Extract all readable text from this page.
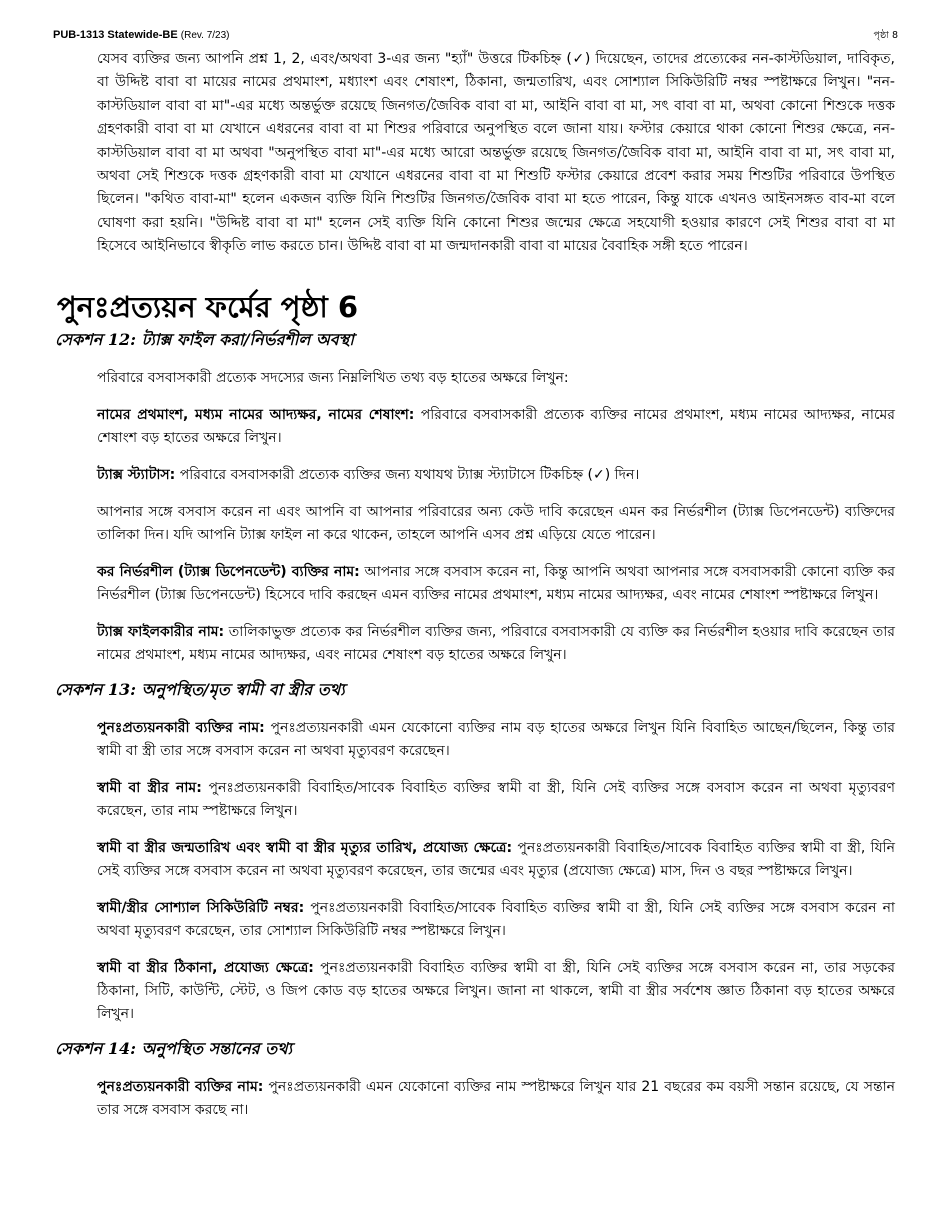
PUB-1313 Statewide-BE (Rev. 7/23)	পৃষ্ঠা 8

যেসব ব্যক্তির জন্য আপনি প্রশ্ন 1, 2, এবং/অথবা 3-এর জন্য "হ্যাঁ" উত্তরে টিকচিহ্ন (✓) দিয়েছেন, তাদের প্রত্যেকের নন-কাস্টডিয়াল, দাবিকৃত, বা উদ্দিষ্ট বাবা বা মায়ের নামের প্রথমাংশ, মধ্যাংশ এবং শেষাংশ, ঠিকানা, জন্মতারিখ, এবং সোশ্যাল সিকিউরিটি নম্বর স্পষ্টাক্ষরে লিখুন। "নন-কাস্টডিয়াল বাবা বা মা"-এর মধ্যে অন্তর্ভুক্ত রয়েছে জিনগত/জৈবিক বাবা বা মা, আইনি বাবা বা মা, সৎ বাবা বা মা, অথবা কোনো শিশুকে দত্তক গ্রহণকারী বাবা বা মা যেখানে এধরনের বাবা বা মা শিশুর পরিবারে অনুপস্থিত বলে জানা যায়। ফস্টার কেয়ারে থাকা কোনো শিশুর ক্ষেত্রে, নন-কাস্টডিয়াল বাবা বা মা অথবা "অনুপস্থিত বাবা মা"-এর মধ্যে আরো অন্তর্ভুক্ত রয়েছে জিনগত/জৈবিক বাবা মা, আইনি বাবা বা মা, সৎ বাবা মা, অথবা সেই শিশুকে দত্তক গ্রহণকারী বাবা মা যেখানে এধরনের বাবা বা মা শিশুটি ফস্টার কেয়ারে প্রবেশ করার সময় শিশুটির পরিবারে উপস্থিত ছিলেন। "কথিত বাবা-মা" হলেন একজন ব্যক্তি যিনি শিশুটির জিনগত/জৈবিক বাবা মা হতে পারেন, কিন্তু যাকে এখনও আইনসঙ্গত বাব-মা বলে ঘোষণা করা হয়নি। "উদ্দিষ্ট বাবা বা মা" হলেন সেই ব্যক্তি যিনি কোনো শিশুর জন্মের ক্ষেত্রে সহযোগী হওয়ার কারণে সেই শিশুর বাবা বা মা হিসেবে আইনিভাবে স্বীকৃতি লাভ করতে চান। উদ্দিষ্ট বাবা বা মা জন্মদানকারী বাবা বা মায়ের বৈবাহিক সঙ্গী হতে পারেন।

পুনঃপ্রত্যয়ন ফর্মের পৃষ্ঠা 6
সেকশন 12: ট্যাক্স ফাইল করা/নির্ভরশীল অবস্থা

পরিবারে বসবাসকারী প্রত্যেক সদস্যের জন্য নিম্নলিখিত তথ্য বড় হাতের অক্ষরে লিখুন:

নামের প্রথমাংশ, মধ্যম নামের আদ্যক্ষর, নামের শেষাংশ: পরিবারে বসবাসকারী প্রত্যেক ব্যক্তির নামের প্রথমাংশ, মধ্যম নামের আদ্যক্ষর, নামের শেষাংশ বড় হাতের অক্ষরে লিখুন।

ট্যাক্স স্ট্যাটাস: পরিবারে বসবাসকারী প্রত্যেক ব্যক্তির জন্য যথাযথ ট্যাক্স স্ট্যাটাসে টিকচিহ্ন (✓) দিন।

আপনার সঙ্গে বসবাস করেন না এবং আপনি বা আপনার পরিবারের অন্য কেউ দাবি করেছেন এমন কর নির্ভরশীল (ট্যাক্স ডিপেনডেন্ট) ব্যক্তিদের তালিকা দিন। যদি আপনি ট্যাক্স ফাইল না করে থাকেন, তাহলে আপনি এসব প্রশ্ন এড়িয়ে যেতে পারেন।

কর নির্ভরশীল (ট্যাক্স ডিপেনডেন্ট) ব্যক্তির নাম: আপনার সঙ্গে বসবাস করেন না, কিন্তু আপনি অথবা আপনার সঙ্গে বসবাসকারী কোনো ব্যক্তি কর নির্ভরশীল (ট্যাক্স ডিপেনডেন্ট) হিসেবে দাবি করছেন এমন ব্যক্তির নামের প্রথমাংশ, মধ্যম নামের আদ্যক্ষর, এবং নামের শেষাংশ স্পষ্টাক্ষরে লিখুন।

ট্যাক্স ফাইলকারীর নাম: তালিকাভুক্ত প্রত্যেক কর নির্ভরশীল ব্যক্তির জন্য, পরিবারে বসবাসকারী যে ব্যক্তি কর নির্ভরশীল হওয়ার দাবি করেছেন তার নামের প্রথমাংশ, মধ্যম নামের আদ্যক্ষর, এবং নামের শেষাংশ বড় হাতের অক্ষরে লিখুন।

সেকশন 13: অনুপস্থিত/মৃত স্বামী বা স্ত্রীর তথ্য

পুনঃপ্রত্যয়নকারী ব্যক্তির নাম: পুনঃপ্রত্যয়নকারী এমন যেকোনো ব্যক্তির নাম বড় হাতের অক্ষরে লিখুন যিনি বিবাহিত আছেন/ছিলেন, কিন্তু তার স্বামী বা স্ত্রী তার সঙ্গে বসবাস করেন না অথবা মৃত্যুবরণ করেছেন।

স্বামী বা স্ত্রীর নাম: পুনঃপ্রত্যয়নকারী বিবাহিত/সাবেক বিবাহিত ব্যক্তির স্বামী বা স্ত্রী, যিনি সেই ব্যক্তির সঙ্গে বসবাস করেন না অথবা মৃত্যুবরণ করেছেন, তার নাম স্পষ্টাক্ষরে লিখুন।

স্বামী বা স্ত্রীর জন্মতারিখ এবং স্বামী বা স্ত্রীর মৃত্যুর তারিখ, প্রযোজ্য ক্ষেত্রে: পুনঃপ্রত্যয়নকারী বিবাহিত/সাবেক বিবাহিত ব্যক্তির স্বামী বা স্ত্রী, যিনি সেই ব্যক্তির সঙ্গে বসবাস করেন না অথবা মৃত্যুবরণ করেছেন, তার জন্মের এবং মৃত্যুর (প্রযোজ্য ক্ষেত্রে) মাস, দিন ও বছর স্পষ্টাক্ষরে লিখুন।

স্বামী/স্ত্রীর সোশ্যাল সিকিউরিটি নম্বর: পুনঃপ্রত্যয়নকারী বিবাহিত/সাবেক বিবাহিত ব্যক্তির স্বামী বা স্ত্রী, যিনি সেই ব্যক্তির সঙ্গে বসবাস করেন না অথবা মৃত্যুবরণ করেছেন, তার সোশ্যাল সিকিউরিটি নম্বর স্পষ্টাক্ষরে লিখুন।

স্বামী বা স্ত্রীর ঠিকানা, প্রযোজ্য ক্ষেত্রে: পুনঃপ্রত্যয়নকারী বিবাহিত ব্যক্তির স্বামী বা স্ত্রী, যিনি সেই ব্যক্তির সঙ্গে বসবাস করেন না, তার সড়কের ঠিকানা, সিটি, কাউন্টি, স্টেট, ও জিপ কোড বড় হাতের অক্ষরে লিখুন। জানা না থাকলে, স্বামী বা স্ত্রীর সর্বশেষ জ্ঞাত ঠিকানা বড় হাতের অক্ষরে লিখুন।

সেকশন 14: অনুপস্থিত সন্তানের তথ্য

পুনঃপ্রত্যয়নকারী ব্যক্তির নাম: পুনঃপ্রত্যয়নকারী এমন যেকোনো ব্যক্তির নাম স্পষ্টাক্ষরে লিখুন যার 21 বছরের কম বয়সী সন্তান রয়েছে, যে সন্তান তার সঙ্গে বসবাস করছে না।
